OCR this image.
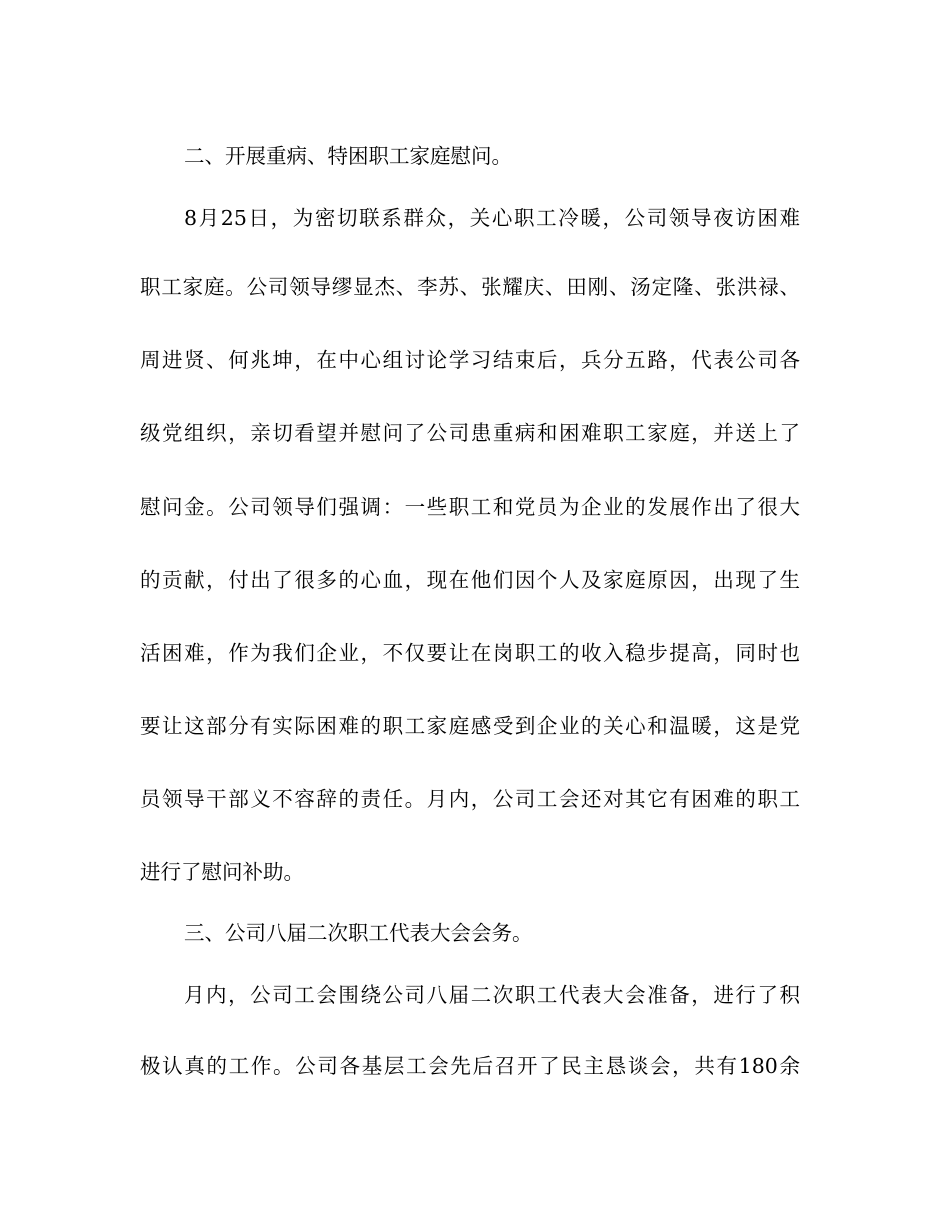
二、开展重病、特困职工家庭慰问。

8月25日，为密切联系群众，关心职工冷暖，公司领导夜访困难

职工家庭。公司领导缪显杰、李苏、张耀庆、田刚、汤定隆、张洪禄、

周进贤、何兆坤，在中心组讨论学习结束后，兵分五路，代表公司各

级党组织，亲切看望并慰问了公司患重病和困难职工家庭，并送上了

慰问金。公司领导们强调：一些职工和党员为企业的发展作出了很大

的贡献，付出了很多的心血，现在他们因个人及家庭原因，出现了生

活困难，作为我们企业，不仅要让在岗职工的收入稳步提高，同时也

要让这部分有实际困难的职工家庭感受到企业的关心和温暖，这是党

员领导干部义不容辞的责任。月内，公司工会还对其它有困难的职工

进行了慰问补助。

三、公司八届二次职工代表大会会务。

月内，公司工会围绕公司八届二次职工代表大会准备，进行了积

极认真的工作。公司各基层工会先后召开了民主恳谈会，共有180余
